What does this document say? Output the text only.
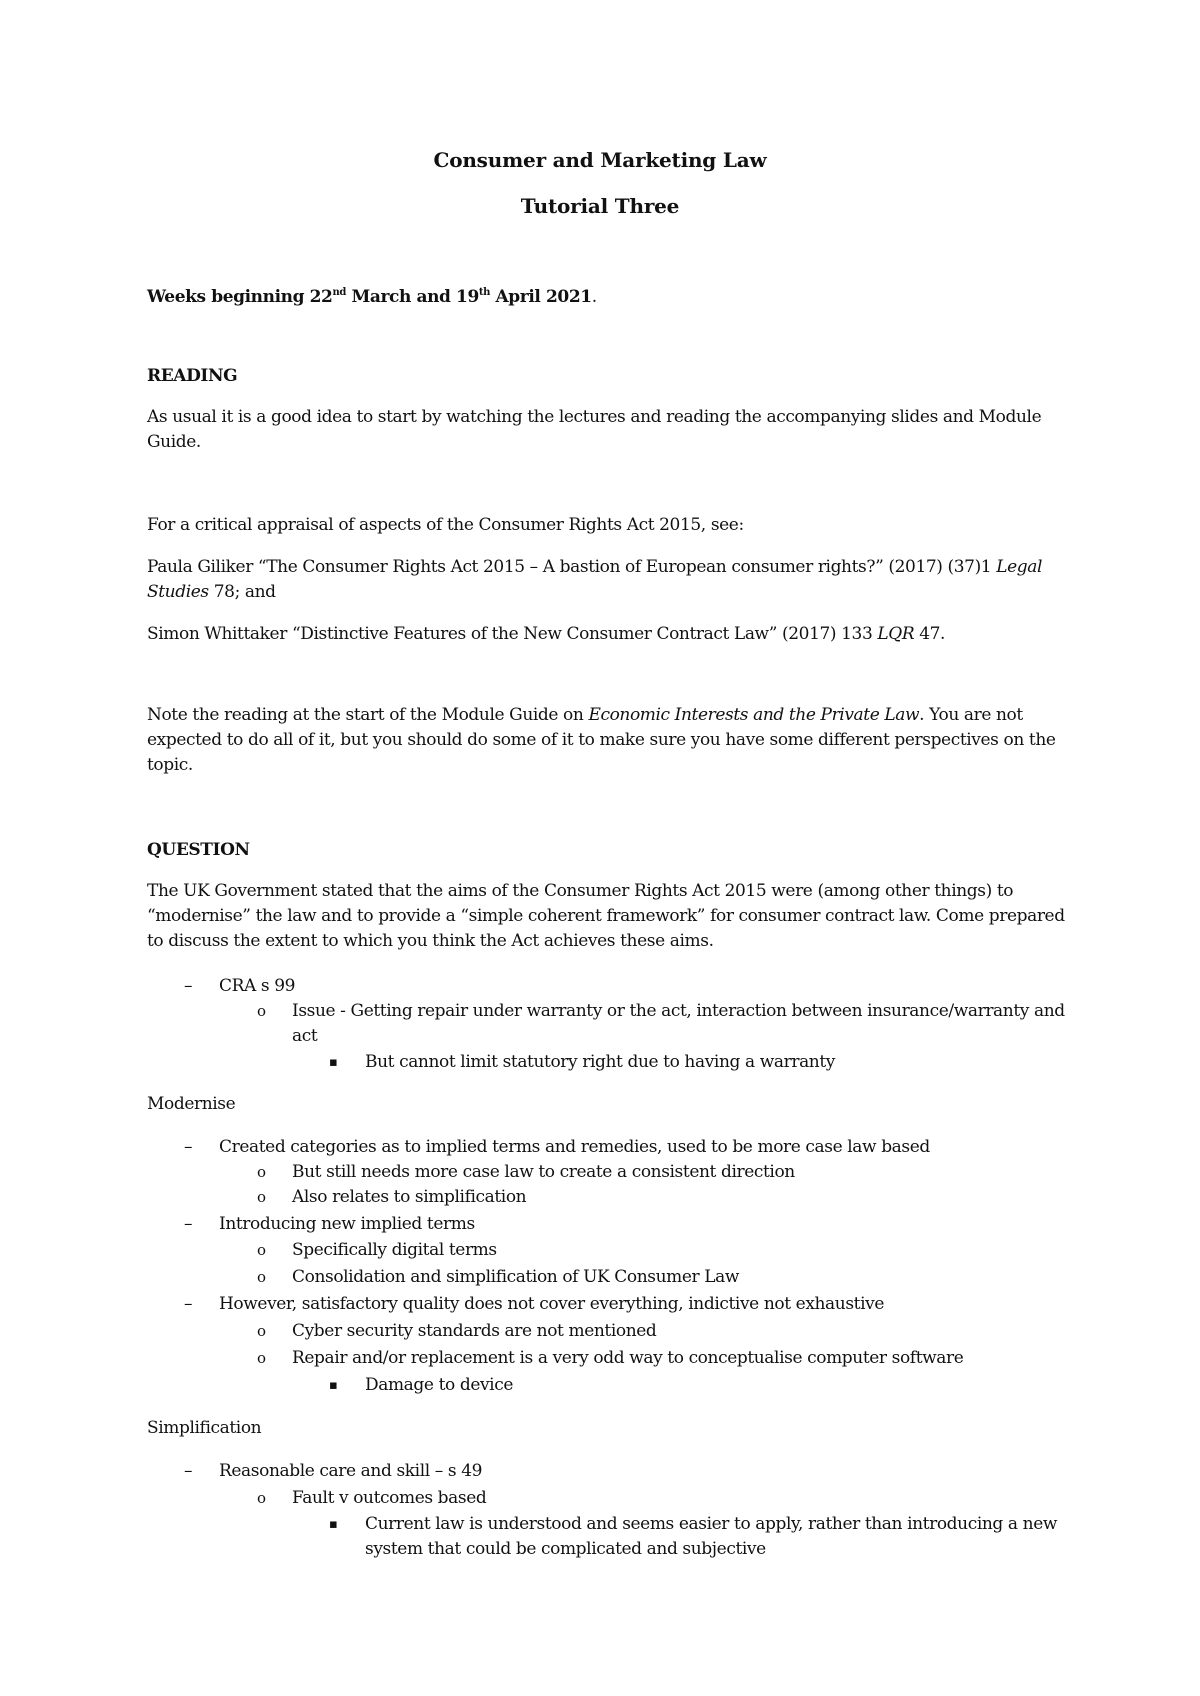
Consumer and Marketing Law

Tutorial Three

Weeks beginning 22nd March and 19th April 2021.

READING

As usual it is a good idea to start by watching the lectures and reading the accompanying slides and Module

Guide.

For a critical appraisal of aspects of the Consumer Rights Act 2015, see:

Paula Giliker “The Consumer Rights Act 2015 – A bastion of European consumer rights?” (2017) (37)1 Legal

Studies 78; and

Simon Whittaker “Distinctive Features of the New Consumer Contract Law” (2017) 133 LQR 47.

Note the reading at the start of the Module Guide on Economic Interests and the Private Law. You are not

expected to do all of it, but you should do some of it to make sure you have some different perspectives on the

topic.

QUESTION

The UK Government stated that the aims of the Consumer Rights Act 2015 were (among other things) to

“modernise” the law and to provide a “simple coherent framework” for consumer contract law. Come prepared

to discuss the extent to which you think the Act achieves these aims.

– CRA s 99

o Issue - Getting repair under warranty or the act, interaction between insurance/warranty and

act

▪ But cannot limit statutory right due to having a warranty

Modernise

– Created categories as to implied terms and remedies, used to be more case law based

o But still needs more case law to create a consistent direction

o Also relates to simplification

– Introducing new implied terms

o Specifically digital terms

o Consolidation and simplification of UK Consumer Law

– However, satisfactory quality does not cover everything, indictive not exhaustive

o Cyber security standards are not mentioned

o Repair and/or replacement is a very odd way to conceptualise computer software

▪ Damage to device

Simplification

– Reasonable care and skill – s 49

o Fault v outcomes based

▪ Current law is understood and seems easier to apply, rather than introducing a new

system that could be complicated and subjective
